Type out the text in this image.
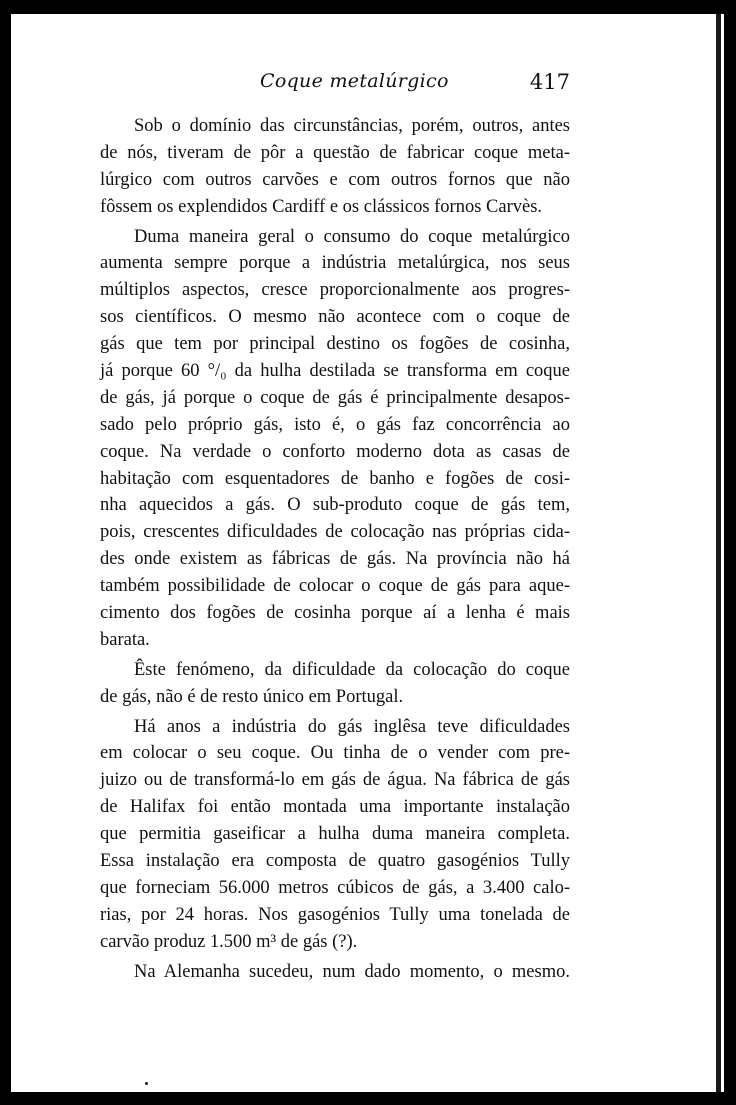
Coque metalúrgico	417
Sob o domínio das circunstâncias, porém, outros, antes
de nós, tiveram de pôr a questão de fabricar coque meta-
lúrgico com outros carvões e com outros fornos que não
fôssem os explendidos Cardiff e os clássicos fornos Carvès.
Duma maneira geral o consumo do coque metalúrgico
aumenta sempre porque a indústria metalúrgica, nos seus
múltiplos aspectos, cresce proporcionalmente aos progres-
sos científicos. O mesmo não acontece com o coque de
gás que tem por principal destino os fogões de cosinha,
já porque 60 °/₀ da hulha destilada se transforma em coque
de gás, já porque o coque de gás é principalmente desapos-
sado pelo próprio gás, isto é, o gás faz concorrência ao
coque. Na verdade o conforto moderno dota as casas de
habitação com esquentadores de banho e fogões de cosi-
nha aquecidos a gás. O sub-produto coque de gás tem,
pois, crescentes dificuldades de colocação nas próprias cida-
des onde existem as fábricas de gás. Na província não há
também possibilidade de colocar o coque de gás para aque-
cimento dos fogões de cosinha porque aí a lenha é mais
barata.
Êste fenómeno, da dificuldade da colocação do coque
de gás, não é de resto único em Portugal.
Há anos a indústria do gás inglêsa teve dificuldades
em colocar o seu coque. Ou tinha de o vender com pre-
juizo ou de transformá-lo em gás de água. Na fábrica de gás
de Halifax foi então montada uma importante instalação
que permitia gaseificar a hulha duma maneira completa.
Essa instalação era composta de quatro gasogénios Tully
que forneciam 56.000 metros cúbicos de gás, a 3.400 calo-
rias, por 24 horas. Nos gasogénios Tully uma tonelada de
carvão produz 1.500 m³ de gás (?).
Na Alemanha sucedeu, num dado momento, o mesmo.
